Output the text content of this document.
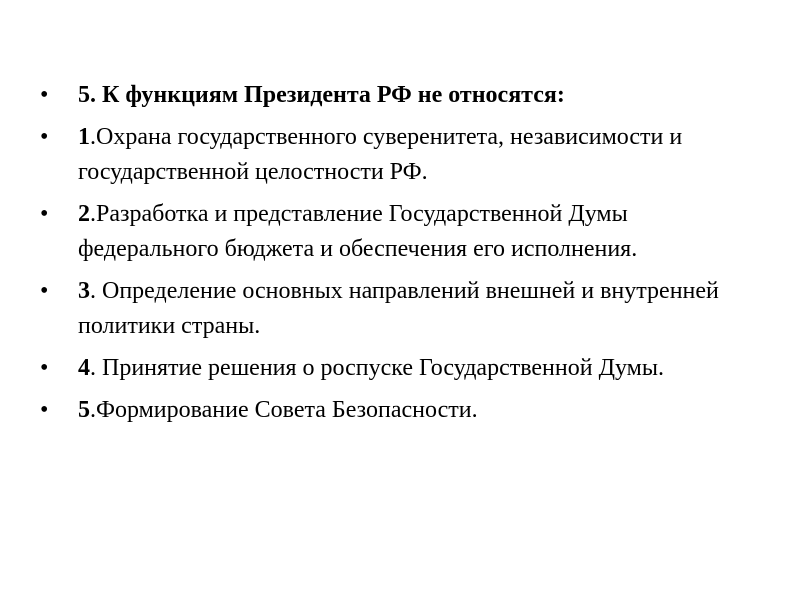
• 5. К функциям Президента РФ не относятся:
• 1.Охрана государственного суверенитета, независимости и государственной целостности РФ.
• 2.Разработка и представление Государственной Думы федерального бюджета и обеспечения его исполнения.
• 3. Определение основных направлений внешней и внутренней политики страны.
• 4. Принятие решения о роспуске Государственной Думы.
• 5.Формирование Совета Безопасности.
